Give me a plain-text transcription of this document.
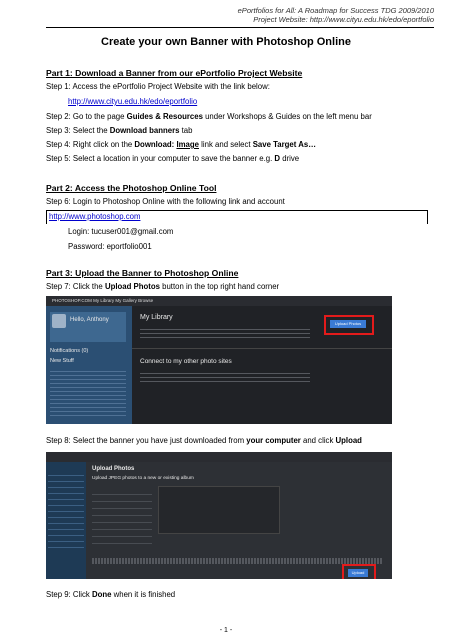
ePortfolios for All: A Roadmap for Success TDG 2009/2010
Project Website: http://www.cityu.edu.hk/edo/eportfolio
Create your own Banner with Photoshop Online
Part 1: Download a Banner from our ePortfolio Project Website
Step 1: Access the ePortfolio Project Website with the link below:
http://www.cityu.edu.hk/edo/eportfolio
Step 2: Go to the page Guides & Resources under Workshops & Guides on the left menu bar
Step 3: Select the Download banners tab
Step 4: Right click on the Download: Image link and select Save Target As…
Step 5: Select a location in your computer to save the banner e.g. D drive
Part 2: Access the Photoshop Online Tool
Step 6: Login to Photoshop Online with the following link and account
http://www.photoshop.com
Login: tucuser001@gmail.com
Password: eportfolio001
Part 3: Upload the Banner to Photoshop Online
Step 7: Click the Upload Photos button in the top right hand corner
PHOTOSHOP.COM My Library My Gallery Browse
Hello, Anthony
Notifications (0)
New Stuff
My Library
Upload Photos
Connect to my other photo sites
Step 8: Select the banner you have just downloaded from your computer and click Upload
Upload Photos
Upload JPEG photos to a new or existing album
Upload
Step 9: Click Done when it is finished
- 1 -
